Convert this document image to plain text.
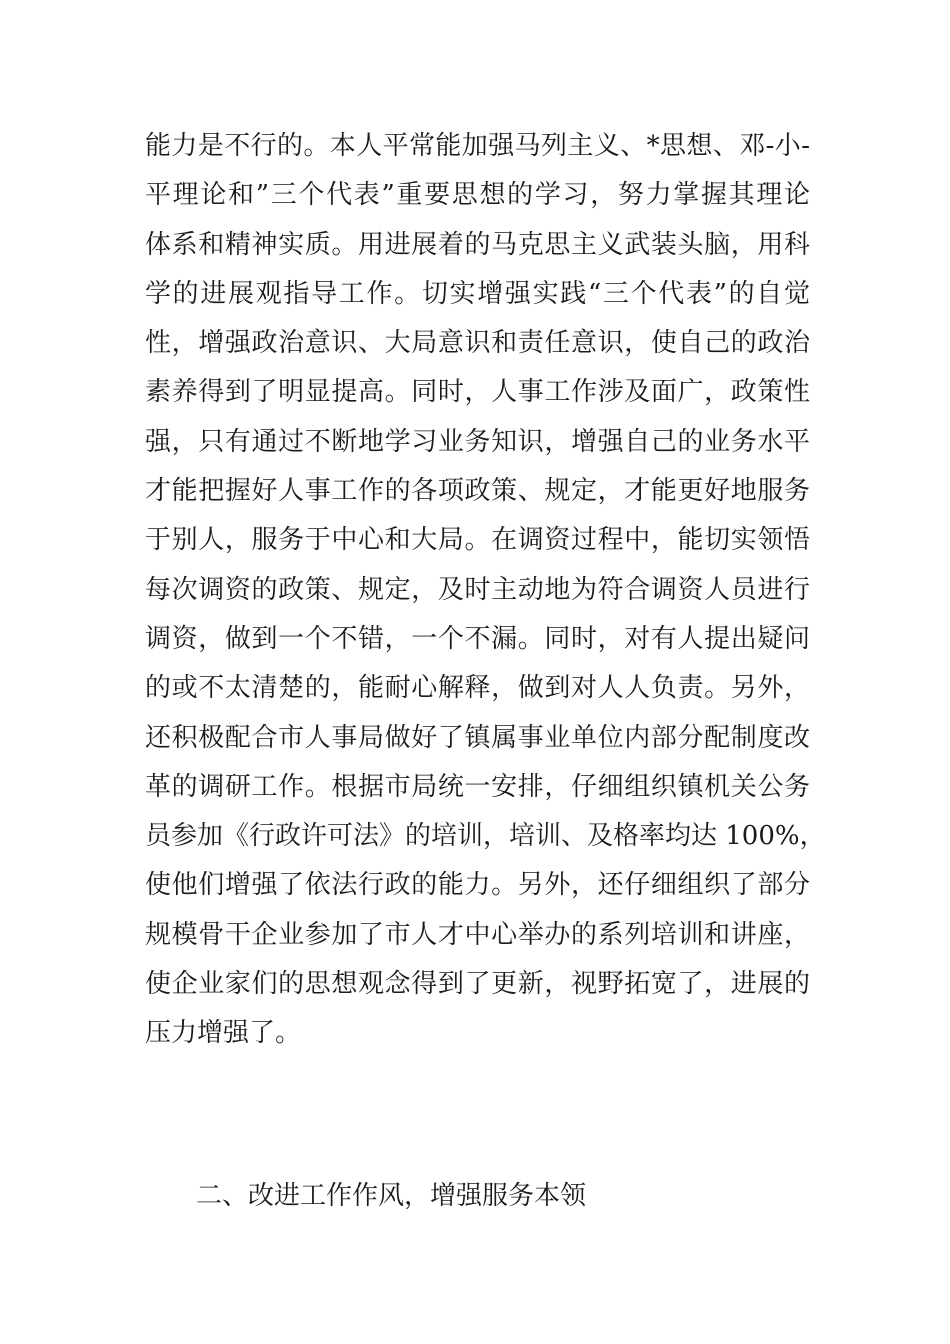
能力是不行的。本人平常能加强马列主义、*思想、邓-小-
平理论和”三个代表”重要思想的学习，努力掌握其理论
体系和精神实质。用进展着的马克思主义武装头脑，用科
学的进展观指导工作。切实增强实践“三个代表”的自觉
性，增强政治意识、大局意识和责任意识，使自己的政治
素养得到了明显提高。同时，人事工作涉及面广，政策性
强，只有通过不断地学习业务知识，增强自己的业务水平
才能把握好人事工作的各项政策、规定，才能更好地服务
于别人，服务于中心和大局。在调资过程中，能切实领悟
每次调资的政策、规定，及时主动地为符合调资人员进行
调资，做到一个不错，一个不漏。同时，对有人提出疑问
的或不太清楚的，能耐心解释，做到对人人负责。另外，
还积极配合市人事局做好了镇属事业单位内部分配制度改
革的调研工作。根据市局统一安排，仔细组织镇机关公务
员参加《行政许可法》的培训，培训、及格率均达 100%，
使他们增强了依法行政的能力。另外，还仔细组织了部分
规模骨干企业参加了市人才中心举办的系列培训和讲座，
使企业家们的思想观念得到了更新，视野拓宽了，进展的
压力增强了。
二、改进工作作风，增强服务本领
